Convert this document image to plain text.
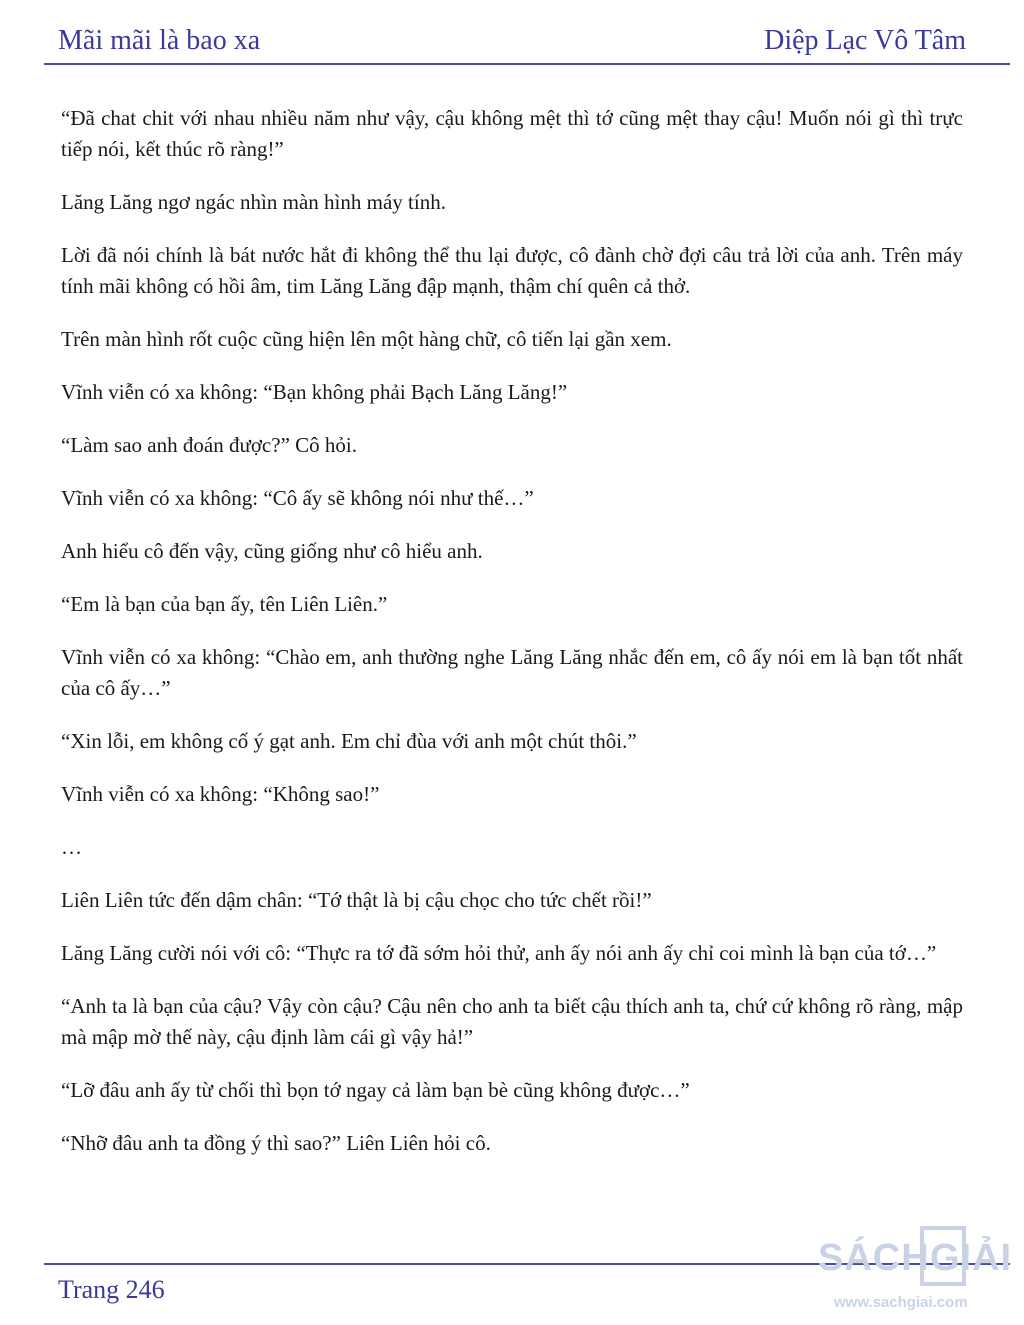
Mãi mãi là bao xa	Diệp Lạc Vô Tâm

“Đã chat chit với nhau nhiều năm như vậy, cậu không mệt thì tớ cũng mệt thay cậu! Muốn nói gì thì trực tiếp nói, kết thúc rõ ràng!”

Lăng Lăng ngơ ngác nhìn màn hình máy tính.

Lời đã nói chính là bát nước hắt đi không thể thu lại được, cô đành chờ đợi câu trả lời của anh. Trên máy tính mãi không có hồi âm, tim Lăng Lăng đập mạnh, thậm chí quên cả thở.

Trên màn hình rốt cuộc cũng hiện lên một hàng chữ, cô tiến lại gần xem.

Vĩnh viễn có xa không: “Bạn không phải Bạch Lăng Lăng!”

“Làm sao anh đoán được?” Cô hỏi.

Vĩnh viễn có xa không: “Cô ấy sẽ không nói như thế…”

Anh hiểu cô đến vậy, cũng giống như cô hiểu anh.

“Em là bạn của bạn ấy, tên Liên Liên.”

Vĩnh viễn có xa không: “Chào em, anh thường nghe Lăng Lăng nhắc đến em, cô ấy nói em là bạn tốt nhất của cô ấy…”

“Xin lỗi, em không cố ý gạt anh. Em chỉ đùa với anh một chút thôi.”

Vĩnh viễn có xa không: “Không sao!”

…

Liên Liên tức đến dậm chân: “Tớ thật là bị cậu chọc cho tức chết rồi!”

Lăng Lăng cười nói với cô: “Thực ra tớ đã sớm hỏi thử, anh ấy nói anh ấy chỉ coi mình là bạn của tớ…”

“Anh ta là bạn của cậu? Vậy còn cậu? Cậu nên cho anh ta biết cậu thích anh ta, chứ cứ không rõ ràng, mập mà mập mờ thế này, cậu định làm cái gì vậy hả!”

“Lỡ đâu anh ấy từ chối thì bọn tớ ngay cả làm bạn bè cũng không được…”

“Nhỡ đâu anh ta đồng ý thì sao?” Liên Liên hỏi cô.

Trang 246
SÁCH GIẢI
www.sachgiai.com
